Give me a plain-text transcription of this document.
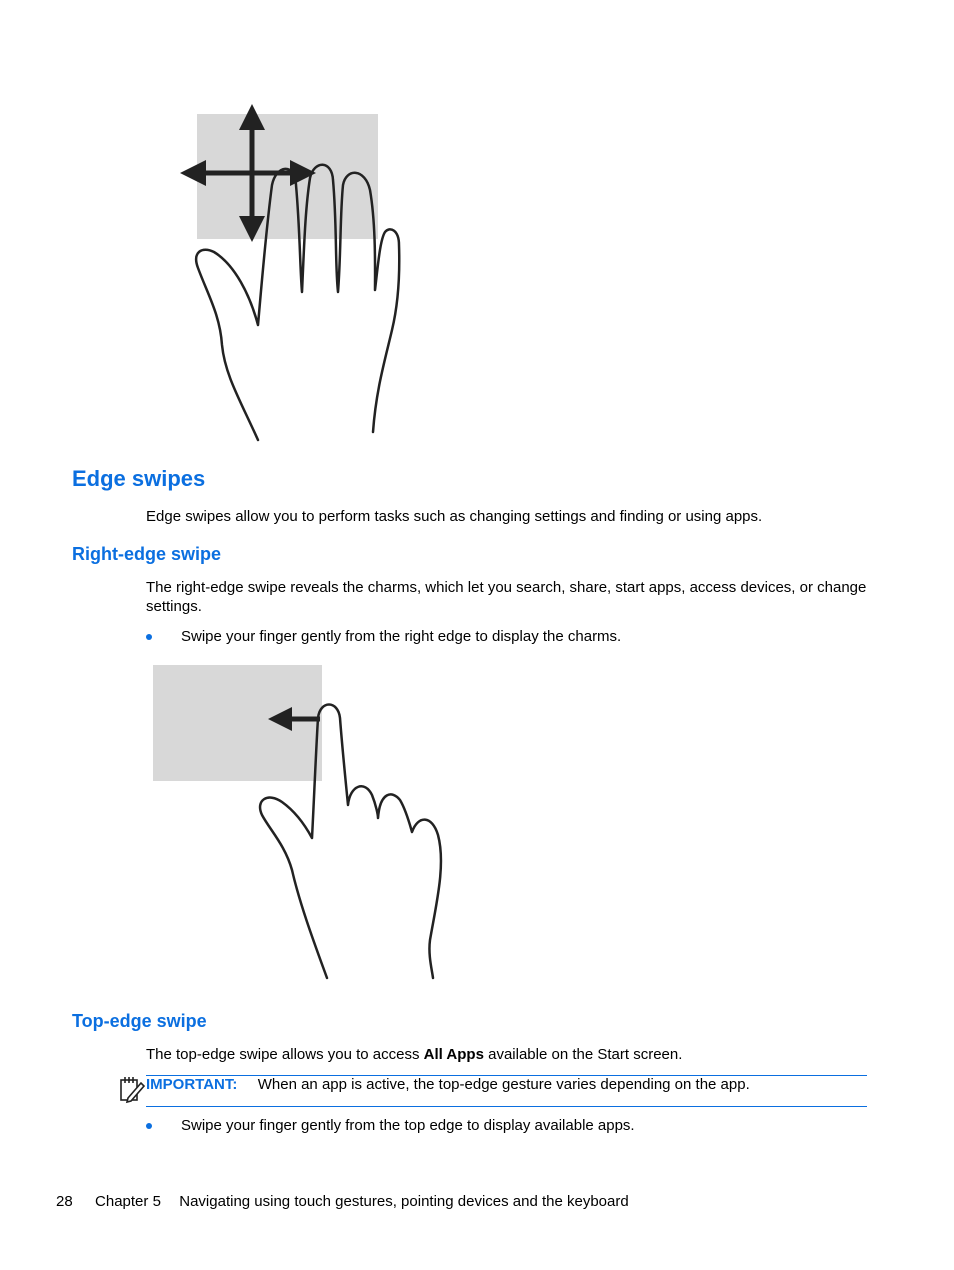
Edge swipes
Edge swipes allow you to perform tasks such as changing settings and finding or using apps.
Right-edge swipe
The right-edge swipe reveals the charms, which let you search, share, start apps, access devices, or change settings.
Swipe your finger gently from the right edge to display the charms.
Top-edge swipe
The top-edge swipe allows you to access All Apps available on the Start screen.
IMPORTANT: When an app is active, the top-edge gesture varies depending on the app.
Swipe your finger gently from the top edge to display available apps.
28 Chapter 5 Navigating using touch gestures, pointing devices and the keyboard
